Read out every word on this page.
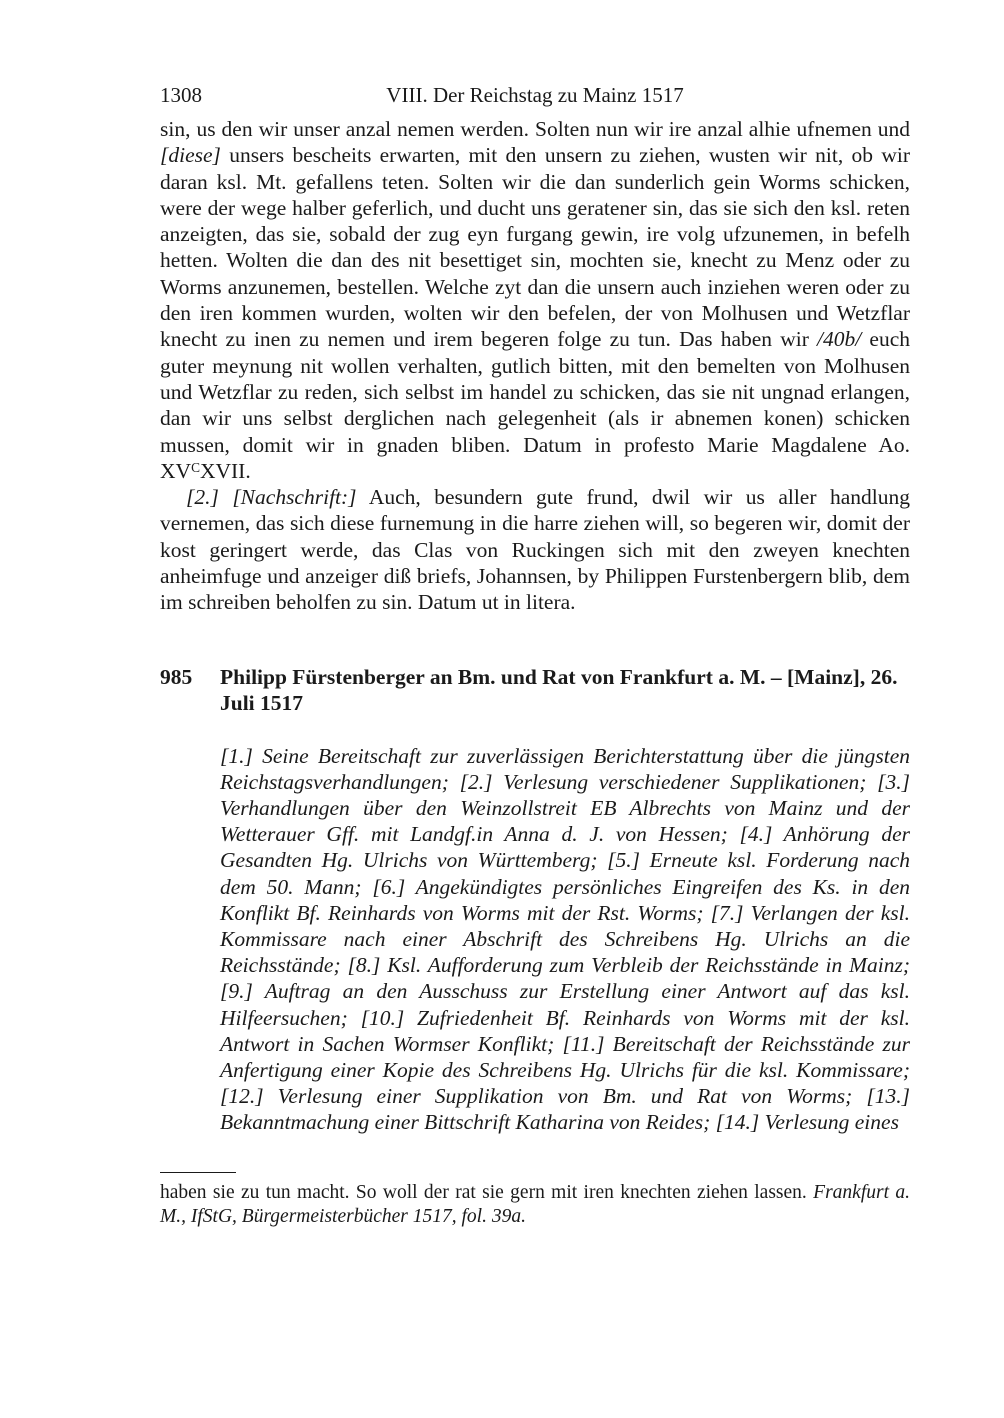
1308	VIII. Der Reichstag zu Mainz 1517

sin, us den wir unser anzal nemen werden. Solten nun wir ire anzal alhie ufnemen und [diese] unsers bescheits erwarten, mit den unsern zu ziehen, wusten wir nit, ob wir daran ksl. Mt. gefallens teten. Solten wir die dan sunderlich gein Worms schicken, were der wege halber geferlich, und ducht uns geratener sin, das sie sich den ksl. reten anzeigten, das sie, sobald der zug eyn furgang gewin, ire volg ufzunemen, in befelh hetten. Wolten die dan des nit besettiget sin, mochten sie, knecht zu Menz oder zu Worms anzunemen, bestellen. Welche zyt dan die unsern auch inziehen weren oder zu den iren kommen wurden, wolten wir den befelen, der von Molhusen und Wetzflar knecht zu inen zu nemen und irem begeren folge zu tun. Das haben wir /40b/ euch guter meynung nit wollen verhalten, gutlich bitten, mit den bemelten von Molhusen und Wetzflar zu reden, sich selbst im handel zu schicken, das sie nit ungnad erlangen, dan wir uns selbst derglichen nach gelegenheit (als ir abnemen konen) schicken mussen, domit wir in gnaden bliben. Datum in profesto Marie Magdalene Ao. $XV^CXVII$.

[2.] [Nachschrift:] Auch, besundern gute frund, dwil wir us aller handlung vernemen, das sich diese furnemung in die harre ziehen will, so begeren wir, domit der kost geringert werde, das Clas von Ruckingen sich mit den zweyen knechten anheimfuge und anzeiger diß briefs, Johannsen, by Philippen Furstenbergern blib, dem im schreiben beholfen zu sin. Datum ut in litera.

985 Philipp Fürstenberger an Bm. und Rat von Frankfurt a. M. – [Mainz], 26. Juli 1517
[1.] Seine Bereitschaft zur zuverlässigen Berichterstattung über die jüngsten Reichstagsverhandlungen; [2.] Verlesung verschiedener Supplikationen; [3.] Verhandlungen über den Weinzollstreit EB Albrechts von Mainz und der Wetterauer Gff. mit Landgf.in Anna d. J. von Hessen; [4.] Anhörung der Gesandten Hg. Ulrichs von Württemberg; [5.] Erneute ksl. Forderung nach dem 50. Mann; [6.] Angekündigtes persönliches Eingreifen des Ks. in den Konflikt Bf. Reinhards von Worms mit der Rst. Worms; [7.] Verlangen der ksl. Kommissare nach einer Abschrift des Schreibens Hg. Ulrichs an die Reichsstände; [8.] Ksl. Aufforderung zum Verbleib der Reichsstände in Mainz; [9.] Auftrag an den Ausschuss zur Erstellung einer Antwort auf das ksl. Hilfeersuchen; [10.] Zufriedenheit Bf. Reinhards von Worms mit der ksl. Antwort in Sachen Wormser Konflikt; [11.] Bereitschaft der Reichsstände zur Anfertigung einer Kopie des Schreibens Hg. Ulrichs für die ksl. Kommissare; [12.] Verlesung einer Supplikation von Bm. und Rat von Worms; [13.] Bekanntmachung einer Bittschrift Katharina von Reides; [14.] Verlesung eines
haben sie zu tun macht. So woll der rat sie gern mit iren knechten ziehen lassen. Frankfurt a. M., IfStG, Bürgermeisterbücher 1517, fol. 39a.
